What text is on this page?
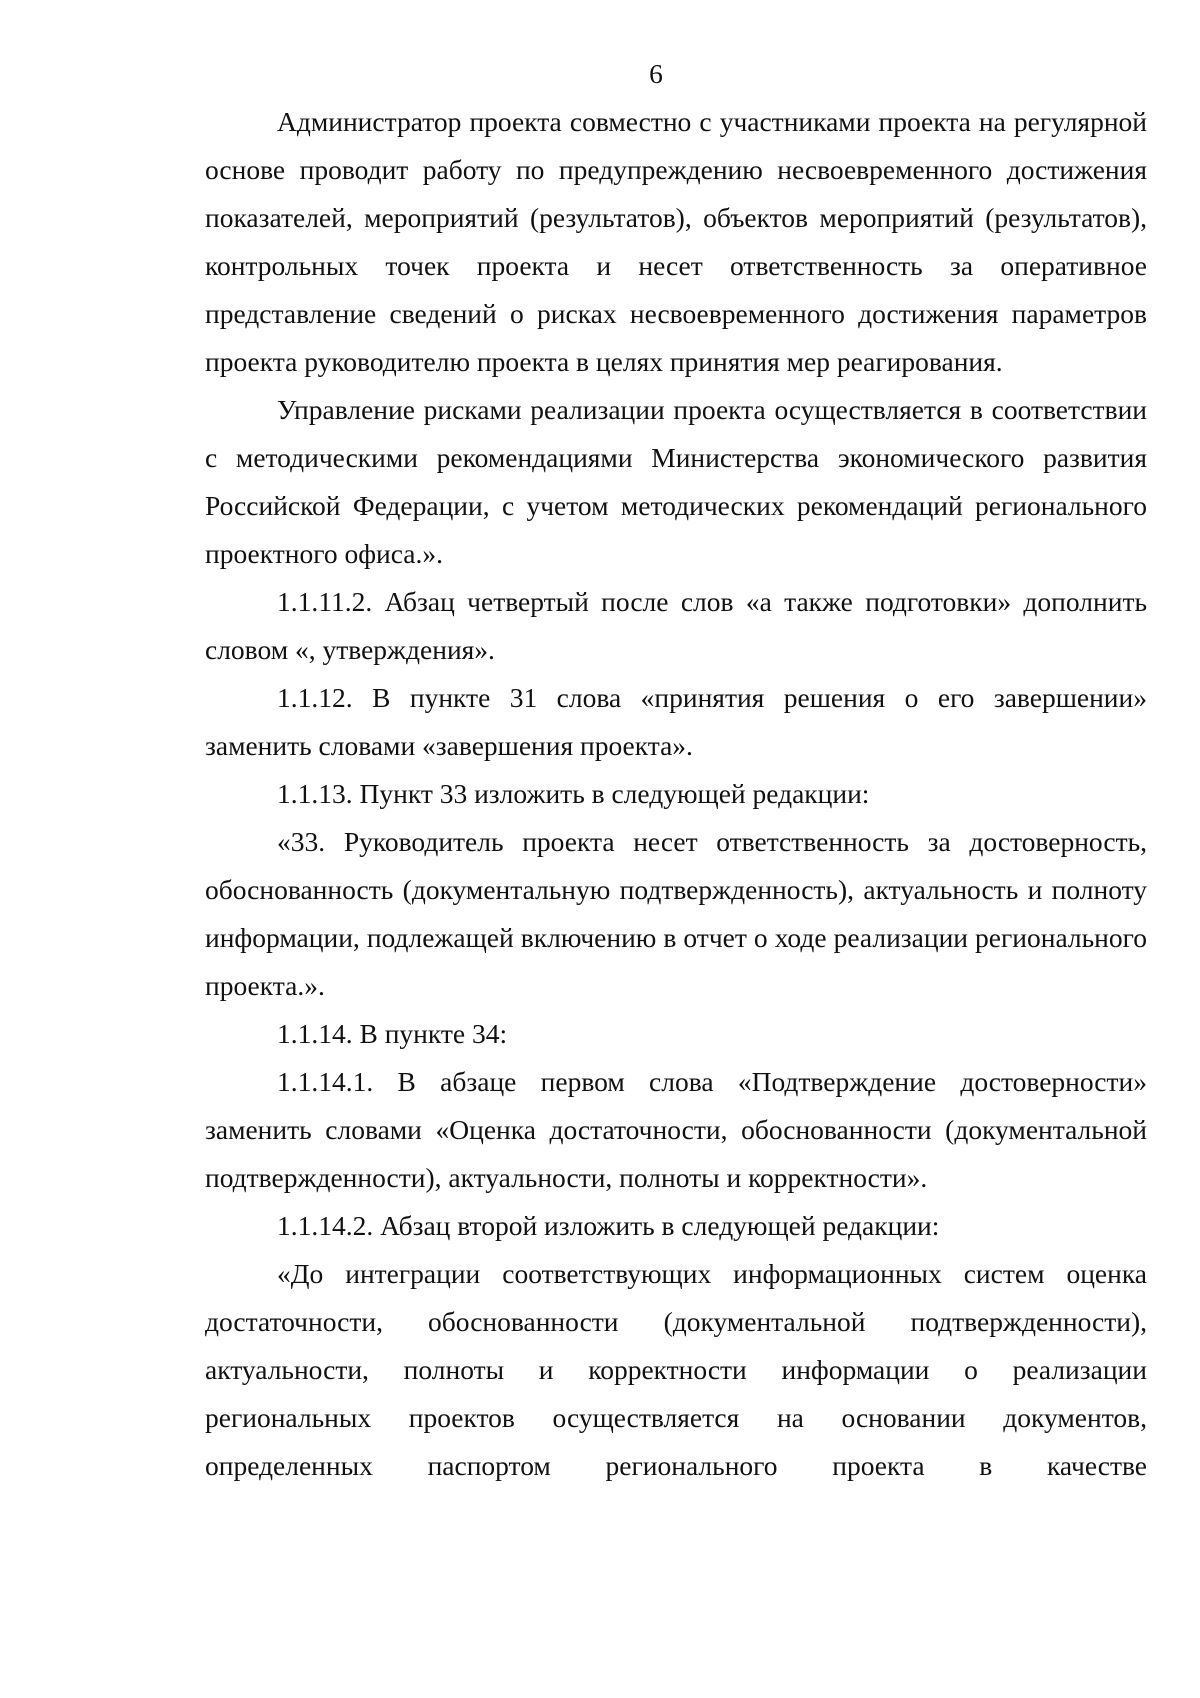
6

Администратор проекта совместно с участниками проекта на регулярной основе проводит работу по предупреждению несвоевременного достижения показателей, мероприятий (результатов), объектов мероприятий (результатов), контрольных точек проекта и несет ответственность за оперативное представление сведений о рисках несвоевременного достижения параметров проекта руководителю проекта в целях принятия мер реагирования.

Управление рисками реализации проекта осуществляется в соответствии с методическими рекомендациями Министерства экономического развития Российской Федерации, с учетом методических рекомендаций регионального проектного офиса.».

1.1.11.2. Абзац четвертый после слов «а также подготовки» дополнить словом «, утверждения».

1.1.12. В пункте 31 слова «принятия решения о его завершении» заменить словами «завершения проекта».

1.1.13. Пункт 33 изложить в следующей редакции:

«33. Руководитель проекта несет ответственность за достоверность, обоснованность (документальную подтвержденность), актуальность и полноту информации, подлежащей включению в отчет о ходе реализации регионального проекта.».

1.1.14. В пункте 34:

1.1.14.1. В абзаце первом слова «Подтверждение достоверности» заменить словами «Оценка достаточности, обоснованности (документальной подтвержденности), актуальности, полноты и корректности».

1.1.14.2. Абзац второй изложить в следующей редакции:

«До интеграции соответствующих информационных систем оценка достаточности, обоснованности (документальной подтвержденности), актуальности, полноты и корректности информации о реализации региональных проектов осуществляется на основании документов, определенных паспортом регионального проекта в качестве
